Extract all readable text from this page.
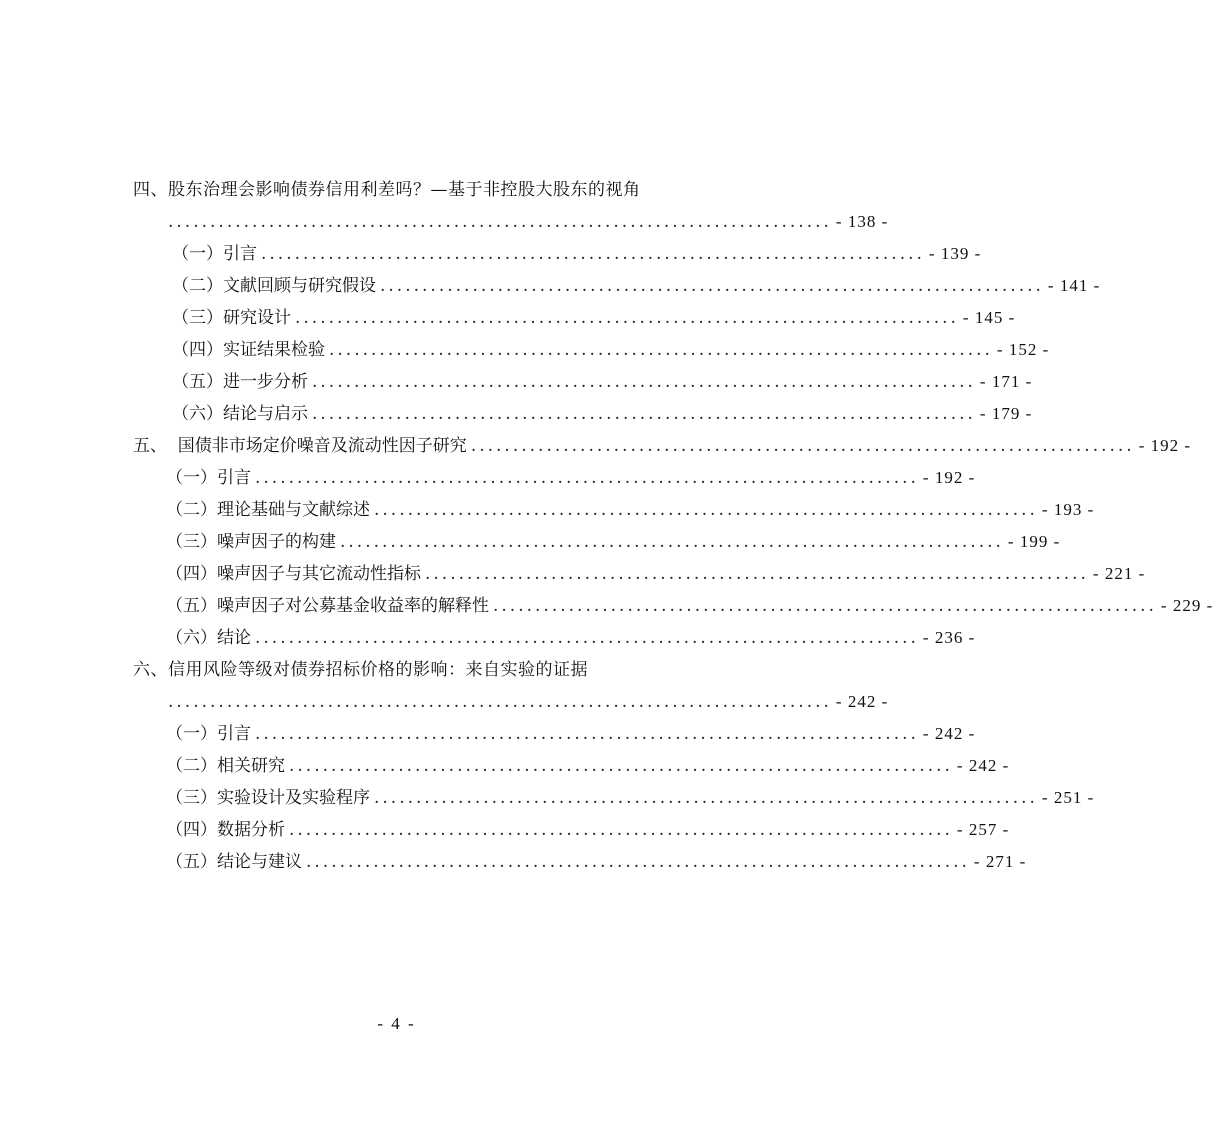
四、股东治理会影响债券信用利差吗？—基于非控股大股东的视角
............................................................................... - 138 -
（一）引言 ............................................................................... - 139 -
（二）文献回顾与研究假设 ............................................................................... - 141 -
（三）研究设计 ............................................................................... - 145 -
（四）实证结果检验 ............................................................................... - 152 -
（五）进一步分析 ............................................................................... - 171 -
（六）结论与启示 ............................................................................... - 179 -
五、  国债非市场定价噪音及流动性因子研究 ............................................................................... - 192 -
（一）引言 ............................................................................... - 192 -
（二）理论基础与文献综述 ............................................................................... - 193 -
（三）噪声因子的构建 ............................................................................... - 199 -
（四）噪声因子与其它流动性指标 ............................................................................... - 221 -
（五）噪声因子对公募基金收益率的解释性 ............................................................................... - 229 -
（六）结论 ............................................................................... - 236 -
六、信用风险等级对债券招标价格的影响：来自实验的证据
............................................................................... - 242 -
（一）引言 ............................................................................... - 242 -
（二）相关研究 ............................................................................... - 242 -
（三）实验设计及实验程序 ............................................................................... - 251 -
（四）数据分析 ............................................................................... - 257 -
（五）结论与建议 ............................................................................... - 271 -
- 4 -
